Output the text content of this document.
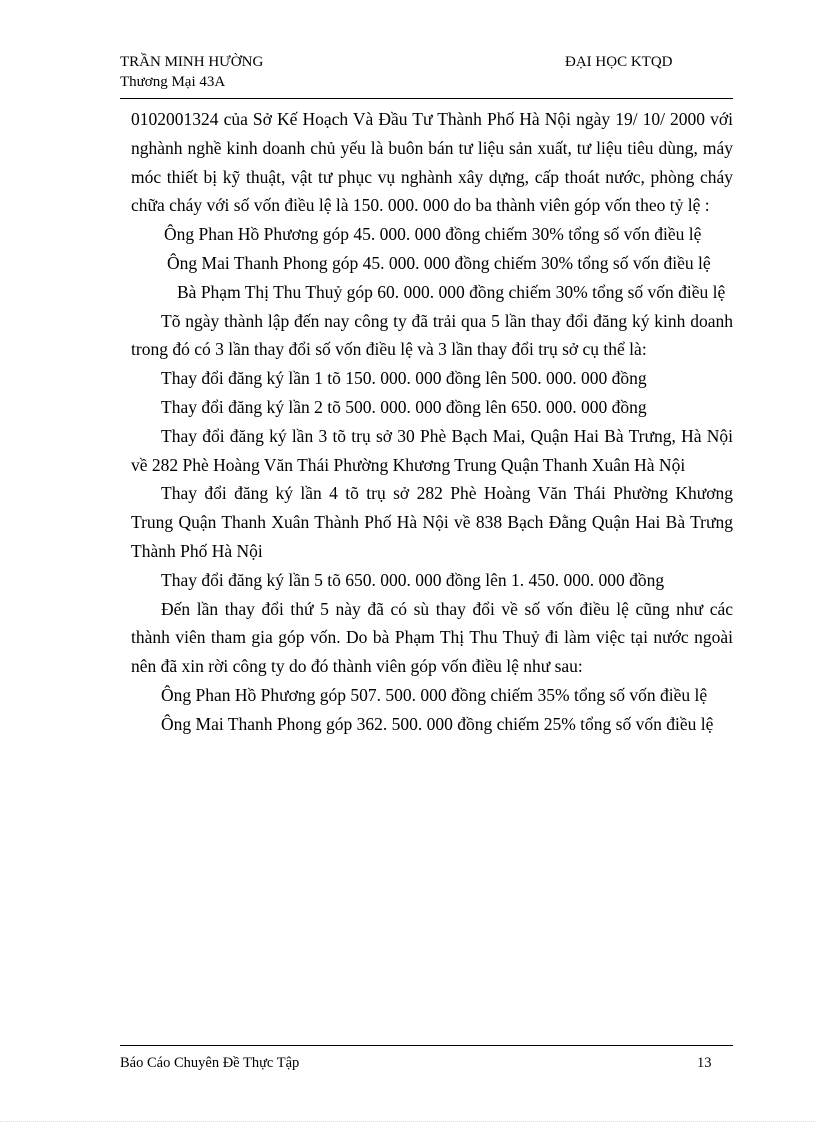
TRẦN MINH HƯỜNG
Thương Mại 43A
ĐẠI HỌC KTQD

0102001324 của Sở Kế Hoạch Và Đầu Tư Thành Phố Hà Nội ngày 19/ 10/ 2000 với nghành nghề kinh doanh chủ yếu là buôn bán tư liệu sản xuất, tư liệu tiêu dùng, máy móc thiết bị kỹ thuật, vật tư phục vụ nghành xây dựng, cấp thoát nước, phòng cháy chữa cháy với số vốn điều lệ là 150. 000. 000 do ba thành viên góp vốn theo tỷ lệ :

Ông Phan Hồ Phương góp 45. 000. 000 đồng chiếm 30% tổng số vốn điều lệ

Ông Mai Thanh Phong góp 45. 000. 000 đồng chiếm 30% tổng số vốn điều lệ

Bà Phạm Thị Thu Thuỷ góp 60. 000. 000 đồng chiếm 30% tổng số vốn điều lệ

Tõ ngày thành lập đến nay công ty đã trải qua 5 lần thay đổi đăng ký kinh doanh trong đó có 3 lần thay đổi số vốn điều lệ và 3 lần thay đổi trụ sở cụ thể là:

Thay đổi đăng ký lần 1 tõ 150. 000. 000 đồng lên 500. 000. 000 đồng

Thay đổi đăng ký lần 2 tõ 500. 000. 000 đồng lên 650. 000. 000 đồng

Thay đổi đăng ký lần 3 tõ trụ sở 30 Phè Bạch Mai, Quận Hai Bà Trưng, Hà Nội về 282 Phè Hoàng Văn Thái Phường Khương Trung Quận Thanh Xuân Hà Nội

Thay đổi đăng ký lần 4 tõ trụ sở 282 Phè Hoàng Văn Thái Phường Khương Trung Quận Thanh Xuân Thành Phố Hà Nội về 838 Bạch Đằng Quận Hai Bà Trưng Thành Phố Hà Nội

Thay đổi đăng ký lần 5 tõ 650. 000. 000 đồng lên 1. 450. 000. 000 đồng

Đến lần thay đổi thứ 5 này đã có sù thay đổi về số vốn điều lệ cũng như các thành viên tham gia góp vốn. Do bà Phạm Thị Thu Thuỷ đi làm việc tại nước ngoài nên đã xin rời công ty do đó thành viên góp vốn điều lệ như sau:

Ông Phan Hồ Phương góp 507. 500. 000 đồng chiếm 35% tổng số vốn điều lệ

Ông Mai Thanh Phong góp 362. 500. 000 đồng chiếm 25% tổng số vốn điều lệ

Báo Cáo Chuyên Đề Thực Tập	13
